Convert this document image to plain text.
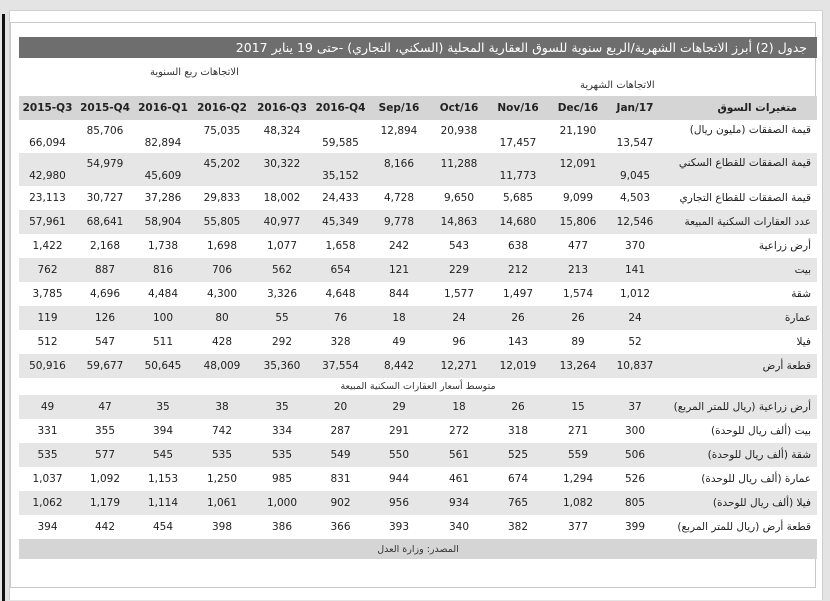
جدول (2) أبرز الاتجاهات الشهرية/الربع سنوية للسوق العقارية المحلية (السكني، التجاري) -حتى 19 يناير 2017
الاتجاهات ربع السنوية
الاتجاهات الشهرية
2015-Q3	2015-Q4	2016-Q1	2016-Q2	2016-Q3	2016-Q4	Sep/16	Oct/16	Nov/16	Dec/16	Jan/17	متغيرات السوق

66,094	85,706	82,894	75,035	48,324	59,585	12,894	20,938	17,457	21,190	13,547	قيمة الصفقات (مليون ريال)

42,980	54,979	45,609	45,202	30,322	35,152	8,166	11,288	11,773	12,091	9,045	قيمة الصفقات للقطاع السكني
23,113	30,727	37,286	29,833	18,002	24,433	4,728	9,650	5,685	9,099	4,503	قيمة الصفقات للقطاع التجاري
57,961	68,641	58,904	55,805	40,977	45,349	9,778	14,863	14,680	15,806	12,546	عدد العقارات السكنية المبيعة
1,422	2,168	1,738	1,698	1,077	1,658	242	543	638	477	370	أرض زراعية
762	887	816	706	562	654	121	229	212	213	141	بيت
3,785	4,696	4,484	4,300	3,326	4,648	844	1,577	1,497	1,574	1,012	شقة
119	126	100	80	55	76	18	24	26	26	24	عمارة
512	547	511	428	292	328	49	96	143	89	52	فيلا
50,916	59,677	50,645	48,009	35,360	37,554	8,442	12,271	12,019	13,264	10,837	قطعة أرض
متوسط أسعار العقارات السكنية المبيعة											
49	47	35	38	35	20	29	18	26	15	37	أرض زراعية (ريال للمتر المربع)
331	355	394	742	334	287	291	272	318	271	300	بيت (ألف ريال للوحدة)
535	577	545	535	535	549	550	561	525	559	506	شقة (ألف ريال للوحدة)
1,037	1,092	1,153	1,250	985	831	944	461	674	1,294	526	عمارة (ألف ريال للوحدة)
1,062	1,179	1,114	1,061	1,000	902	956	934	765	1,082	805	فيلا (ألف ريال للوحدة)
394	442	454	398	386	366	393	340	382	377	399	قطعة أرض (ريال للمتر المربع)
المصدر: وزارة العدل											
